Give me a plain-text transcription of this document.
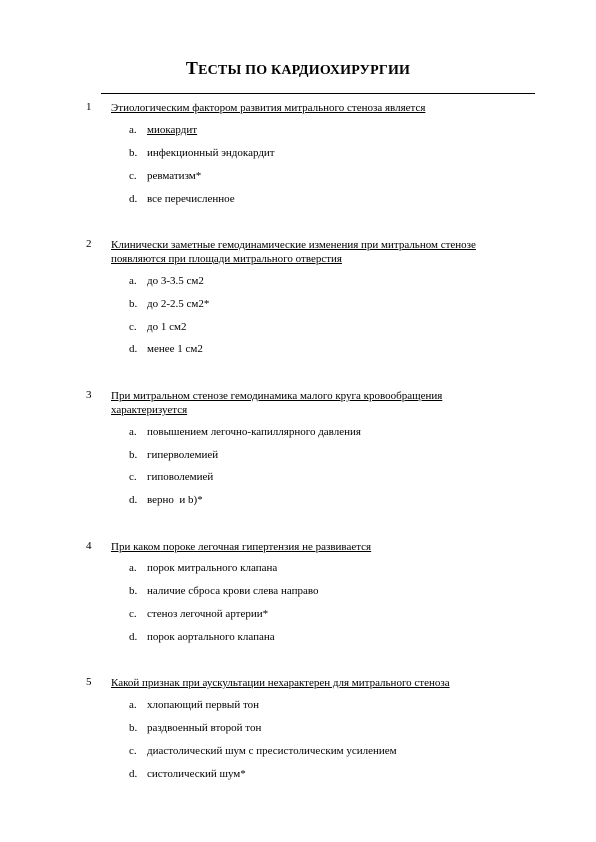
ТЕСТЫ ПО КАРДИОХИРУРГИИ
1 Этиологическим фактором развития митрального стеноза является
a. миокардит
b. инфекционный эндокардит
c. ревматизм*
d. все перечисленное
2 Клинически заметные гемодинамические изменения при митральном стенозе появляются при площади митрального отверстия
a. до 3-3.5 см2
b. до 2-2.5 см2*
c. до 1 см2
d. менее 1 см2
3 При митральном стенозе гемодинамика малого круга кровообращения характеризуется
a. повышением легочно-капиллярного давления
b. гиперволемией
c. гиповолемией
d. верно  и b)*
4 При каком пороке легочная гипертензия не развивается
a. порок митрального клапана
b. наличие сброса крови слева направо
c. стеноз легочной артерии*
d. порок аортального клапана
5 Какой признак при аускультации нехарактерен для митрального стеноза
a. хлопающий первый тон
b. раздвоенный второй тон
c. диастолический шум с пресистолическим усилением
d. систолический шум*
